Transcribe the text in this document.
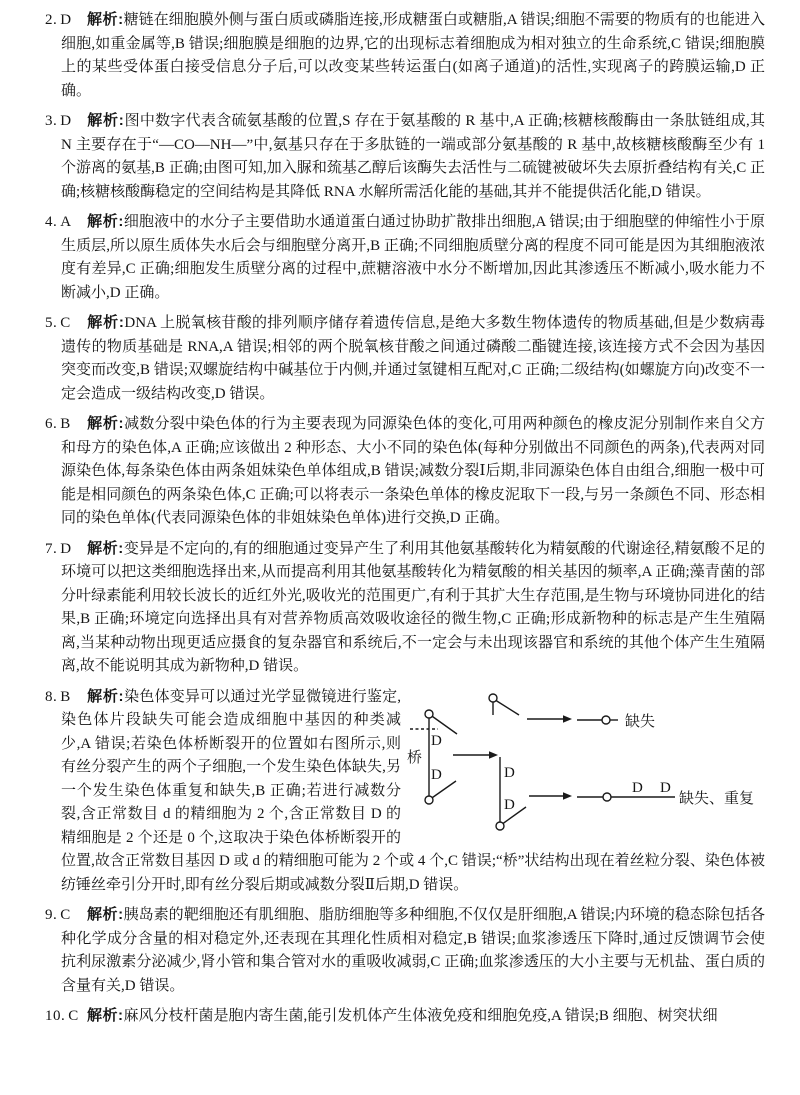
2. D 解析:糖链在细胞膜外侧与蛋白质或磷脂连接,形成糖蛋白或糖脂,A 错误;细胞不需要的物质有的也能进入细胞,如重金属等,B 错误;细胞膜是细胞的边界,它的出现标志着细胞成为相对独立的生命系统,C 错误;细胞膜上的某些受体蛋白接受信息分子后,可以改变某些转运蛋白(如离子通道)的活性,实现离子的跨膜运输,D 正确。

3. D 解析:图中数字代表含硫氨基酸的位置,S 存在于氨基酸的 R 基中,A 正确;核糖核酸酶由一条肽链组成,其 N 主要存在于“—CO—NH—”中,氨基只存在于多肽链的一端或部分氨基酸的 R 基中,故核糖核酸酶至少有 1 个游离的氨基,B 正确;由图可知,加入脲和巯基乙醇后该酶失去活性与二硫键被破坏失去原折叠结构有关,C 正确;核糖核酸酶稳定的空间结构是其降低 RNA 水解所需活化能的基础,其并不能提供活化能,D 错误。

4. A 解析:细胞液中的水分子主要借助水通道蛋白通过协助扩散排出细胞,A 错误;由于细胞壁的伸缩性小于原生质层,所以原生质体失水后会与细胞壁分离开,B 正确;不同细胞质壁分离的程度不同可能是因为其细胞液浓度有差异,C 正确;细胞发生质壁分离的过程中,蔗糖溶液中水分不断增加,因此其渗透压不断减小,吸水能力不断减小,D 正确。

5. C 解析:DNA 上脱氧核苷酸的排列顺序储存着遗传信息,是绝大多数生物体遗传的物质基础,但是少数病毒遗传的物质基础是 RNA,A 错误;相邻的两个脱氧核苷酸之间通过磷酸二酯键连接,该连接方式不会因为基因突变而改变,B 错误;双螺旋结构中碱基位于内侧,并通过氢键相互配对,C 正确;二级结构(如螺旋方向)改变不一定会造成一级结构改变,D 错误。

6. B 解析:减数分裂中染色体的行为主要表现为同源染色体的变化,可用两种颜色的橡皮泥分别制作来自父方和母方的染色体,A 正确;应该做出 2 种形态、大小不同的染色体(每种分别做出不同颜色的两条),代表两对同源染色体,每条染色体由两条姐妹染色单体组成,B 错误;减数分裂Ⅰ后期,非同源染色体自由组合,细胞一极中可能是相同颜色的两条染色体,C 正确;可以将表示一条染色单体的橡皮泥取下一段,与另一条颜色不同、形态相同的染色单体(代表同源染色体的非姐妹染色单体)进行交换,D 正确。

7. D 解析:变异是不定向的,有的细胞通过变异产生了利用其他氨基酸转化为精氨酸的代谢途径,精氨酸不足的环境可以把这类细胞选择出来,从而提高利用其他氨基酸转化为精氨酸的相关基因的频率,A 正确;藻青菌的部分叶绿素能利用较长波长的近红外光,吸收光的范围更广,有利于其扩大生存范围,是生物与环境协同进化的结果,B 正确;环境定向选择出具有对营养物质高效吸收途径的微生物,C 正确;形成新物种的标志是产生生殖隔离,当某种动物出现更适应摄食的复杂器官和系统后,不一定会与未出现该器官和系统的其他个体产生生殖隔离,故不能说明其成为新物种,D 错误。

D
D
桥
缺失
D
D
D D
缺失、重复
8. B 解析:染色体变异可以通过光学显微镜进行鉴定,染色体片段缺失可能会造成细胞中基因的种类减少,A 错误;若染色体桥断裂开的位置如右图所示,则有丝分裂产生的两个子细胞,一个发生染色体缺失,另一个发生染色体重复和缺失,B 正确;若进行减数分裂,含正常数目 d 的精细胞为 2 个,含正常数目 D 的精细胞是 2 个还是 0 个,这取决于染色体桥断裂开的位置,故含正常数目基因 D 或 d 的精细胞可能为 2 个或 4 个,C 错误;“桥”状结构出现在着丝粒分裂、染色体被纺锤丝牵引分开时,即有丝分裂后期或减数分裂Ⅱ后期,D 错误。

9. C 解析:胰岛素的靶细胞还有肌细胞、脂肪细胞等多种细胞,不仅仅是肝细胞,A 错误;内环境的稳态除包括各种化学成分含量的相对稳定外,还表现在其理化性质相对稳定,B 错误;血浆渗透压下降时,通过反馈调节会使抗利尿激素分泌减少,肾小管和集合管对水的重吸收减弱,C 正确;血浆渗透压的大小主要与无机盐、蛋白质的含量有关,D 错误。

10. C 解析:麻风分枝杆菌是胞内寄生菌,能引发机体产生体液免疫和细胞免疫,A 错误;B 细胞、树突状细
